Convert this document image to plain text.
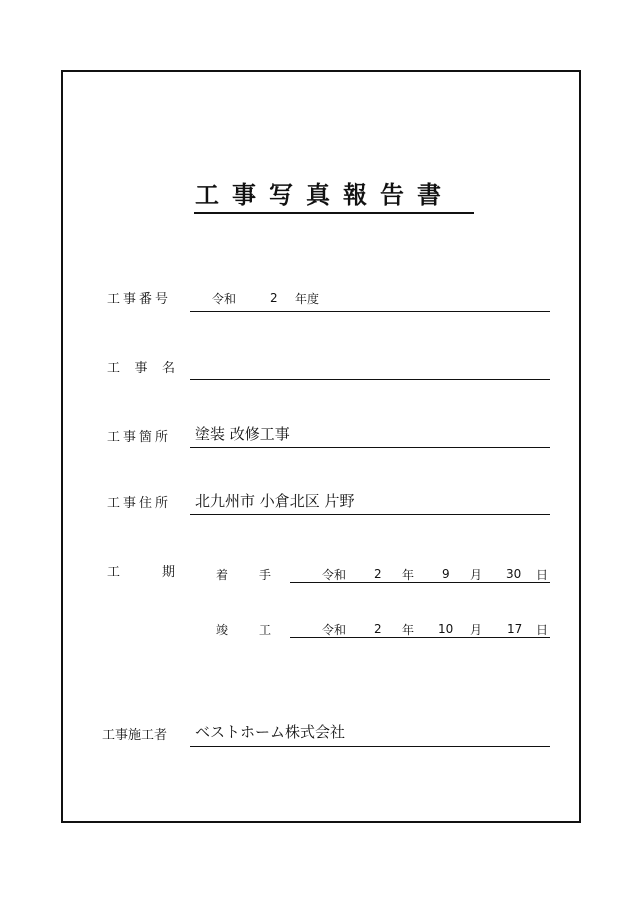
工事写真報告書
工事番号	令和	2 年度
工 事 名
工事箇所 塗装 改修工事
工事住所 北九州市 小倉北区 片野
工	期	着	手	令和 2 年 9 月 30 日
竣	工	令和 2 年 10 月 17 日
工事施工者 ベストホーム株式会社
